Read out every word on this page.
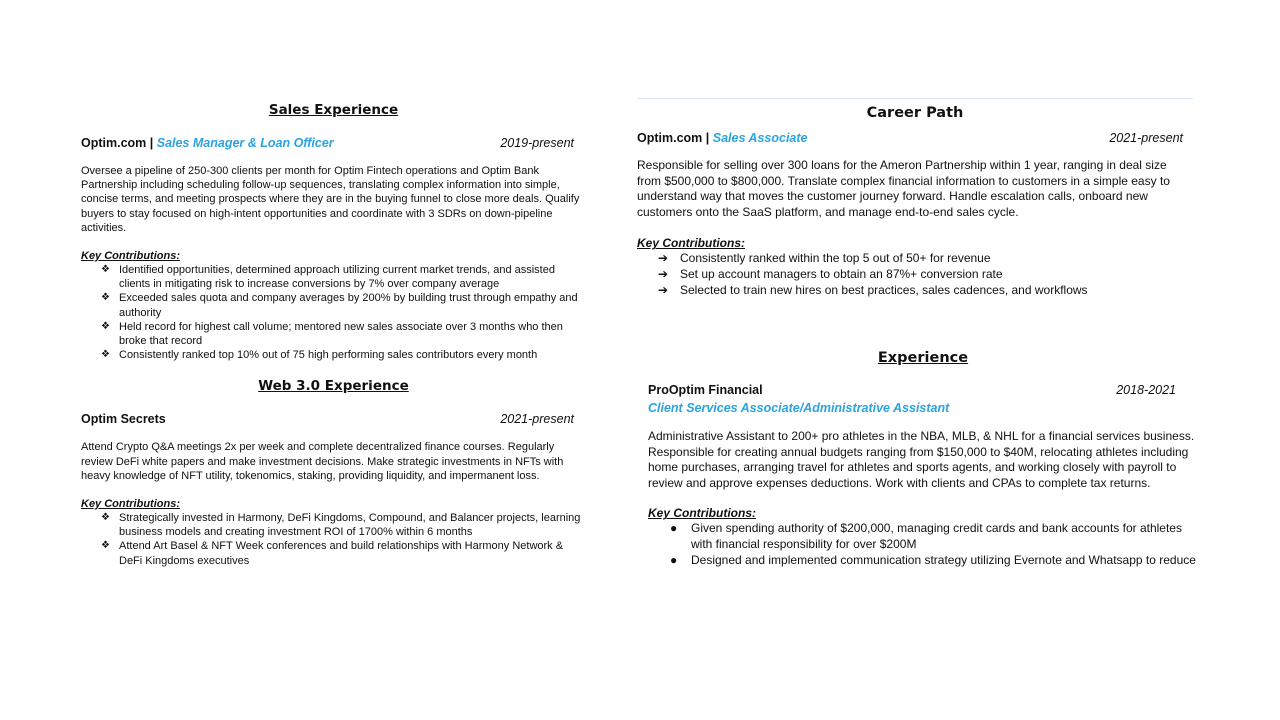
Sales Experience
Optim.com | Sales Manager & Loan Officer	2019-present

Oversee a pipeline of 250-300 clients per month for Optim Fintech operations and Optim Bank Partnership including scheduling follow-up sequences, translating complex information into simple, concise terms, and meeting prospects where they are in the buying funnel to close more deals. Qualify buyers to stay focused on high-intent opportunities and coordinate with 3 SDRs on down-pipeline activities.

Key Contributions:
❖ Identified opportunities, determined approach utilizing current market trends, and assisted clients in mitigating risk to increase conversions by 7% over company average
❖ Exceeded sales quota and company averages by 200% by building trust through empathy and authority
❖ Held record for highest call volume; mentored new sales associate over 3 months who then broke that record
❖ Consistently ranked top 10% out of 75 high performing sales contributors every month
Web 3.0 Experience
Optim Secrets	2021-present

Attend Crypto Q&A meetings 2x per week and complete decentralized finance courses. Regularly review DeFi white papers and make investment decisions. Make strategic investments in NFTs with heavy knowledge of NFT utility, tokenomics, staking, providing liquidity, and impermanent loss.

Key Contributions:
❖ Strategically invested in Harmony, DeFi Kingdoms, Compound, and Balancer projects, learning business models and creating investment ROI of 1700% within 6 months
❖ Attend Art Basel & NFT Week conferences and build relationships with Harmony Network & DeFi Kingdoms executives
Career Path
Optim.com | Sales Associate	2021-present

Responsible for selling over 300 loans for the Ameron Partnership within 1 year, ranging in deal size from $500,000 to $800,000. Translate complex financial information to customers in a simple easy to understand way that moves the customer journey forward. Handle escalation calls, onboard new customers onto the SaaS platform, and manage end-to-end sales cycle.

Key Contributions:
➔ Consistently ranked within the top 5 out of 50+ for revenue
➔ Set up account managers to obtain an 87%+ conversion rate
➔ Selected to train new hires on best practices, sales cadences, and workflows
Experience
ProOptim Financial	2018-2021
Client Services Associate/Administrative Assistant

Administrative Assistant to 200+ pro athletes in the NBA, MLB, & NHL for a financial services business. Responsible for creating annual budgets ranging from $150,000 to $40M, relocating athletes including home purchases, arranging travel for athletes and sports agents, and working closely with payroll to review and approve expenses deductions. Work with clients and CPAs to complete tax returns.

Key Contributions:
● Given spending authority of $200,000, managing credit cards and bank accounts for athletes with financial responsibility for over $200M
● Designed and implemented communication strategy utilizing Evernote and Whatsapp to reduce
